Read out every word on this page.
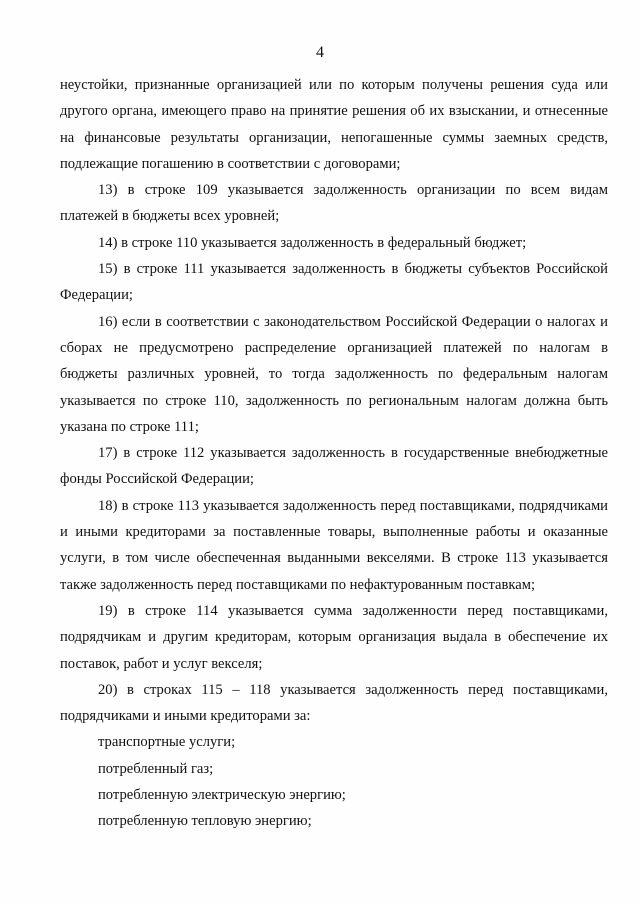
4

неустойки, признанные организацией или по которым получены решения суда или другого органа, имеющего право на принятие решения об их взыскании, и отнесенные на финансовые результаты организации, непогашенные суммы заемных средств, подлежащие погашению в соответствии с договорами;

13) в строке 109 указывается задолженность организации по всем видам платежей в бюджеты всех уровней;

14) в строке 110 указывается задолженность в федеральный бюджет;

15) в строке 111 указывается задолженность в бюджеты субъектов Российской Федерации;

16) если в соответствии с законодательством Российской Федерации о налогах и сборах не предусмотрено распределение организацией платежей по налогам в бюджеты различных уровней, то тогда задолженность по федеральным налогам указывается по строке 110, задолженность по региональным налогам должна быть указана по строке 111;

17) в строке 112 указывается задолженность в государственные внебюджетные фонды Российской Федерации;

18) в строке 113 указывается задолженность перед поставщиками, подрядчиками и иными кредиторами за поставленные товары, выполненные работы и оказанные услуги, в том числе обеспеченная выданными векселями. В строке 113 указывается также задолженность перед поставщиками по нефактурованным поставкам;

19) в строке 114 указывается сумма задолженности перед поставщиками, подрядчикам и другим кредиторам, которым организация выдала в обеспечение их поставок, работ и услуг векселя;

20) в строках 115 – 118 указывается задолженность перед поставщиками, подрядчиками и иными кредиторами за:

транспортные услуги;

потребленный газ;

потребленную электрическую энергию;

потребленную тепловую энергию;
